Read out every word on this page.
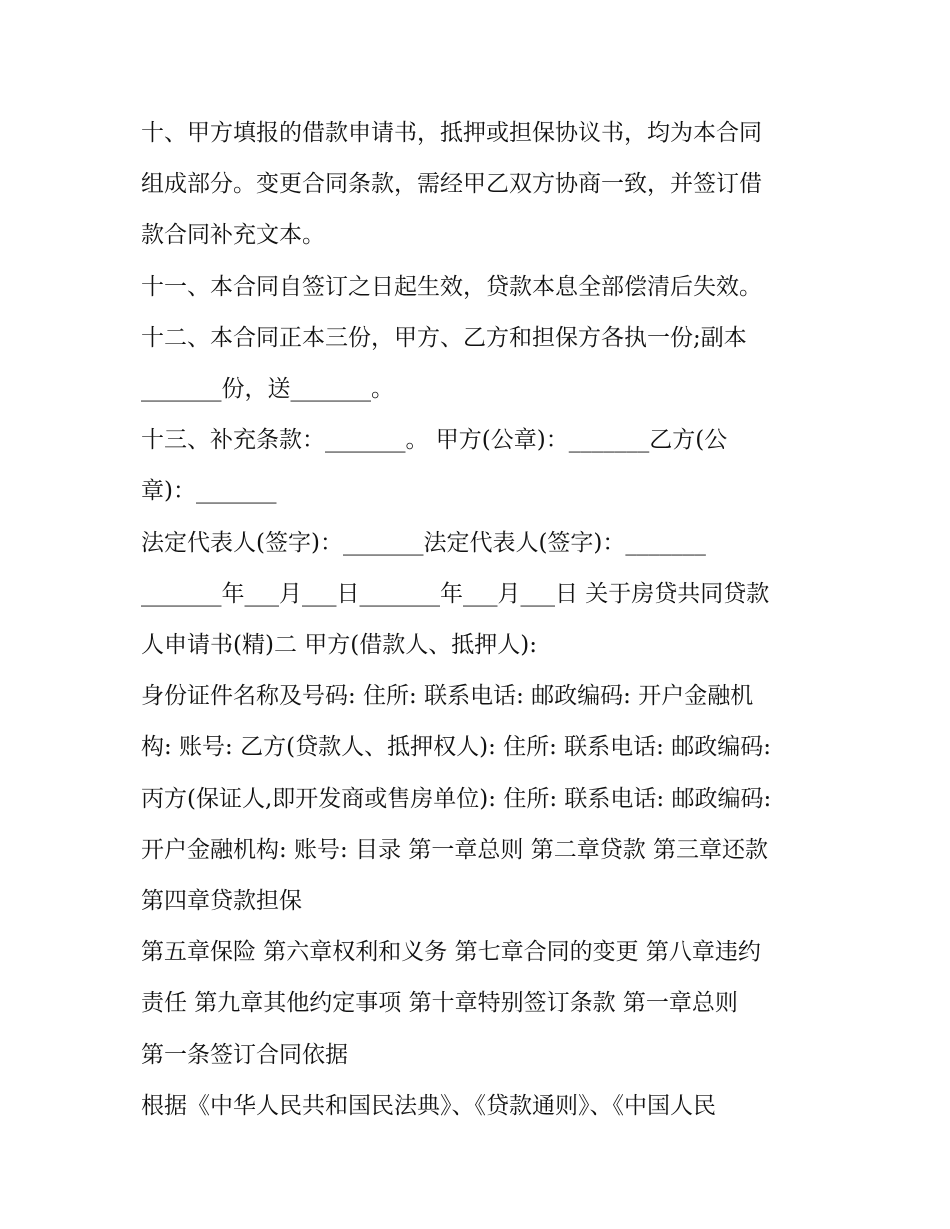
十、甲方填报的借款申请书，抵押或担保协议书，均为本合同

组成部分。变更合同条款，需经甲乙双方协商一致，并签订借

款合同补充文本。

十一、本合同自签订之日起生效，贷款本息全部偿清后失效。

十二、本合同正本三份，甲方、乙方和担保方各执一份;副本

_______份，送_______。

十三、补充条款：_______。 甲方(公章)：_______乙方(公

章)：_______

法定代表人(签字)：_______法定代表人(签字)：_______

_______年___月___日_______年___月___日 关于房贷共同贷款

人申请书(精)二 甲方(借款人、抵押人):

身份证件名称及号码: 住所: 联系电话: 邮政编码: 开户金融机

构: 账号: 乙方(贷款人、抵押权人): 住所: 联系电话: 邮政编码:

丙方(保证人,即开发商或售房单位): 住所: 联系电话: 邮政编码:

开户金融机构: 账号: 目录 第一章总则 第二章贷款 第三章还款

第四章贷款担保

第五章保险 第六章权利和义务 第七章合同的变更 第八章违约

责任 第九章其他约定事项 第十章特别签订条款 第一章总则

第一条签订合同依据

根据《中华人民共和国民法典》、《贷款通则》、《中国人民
